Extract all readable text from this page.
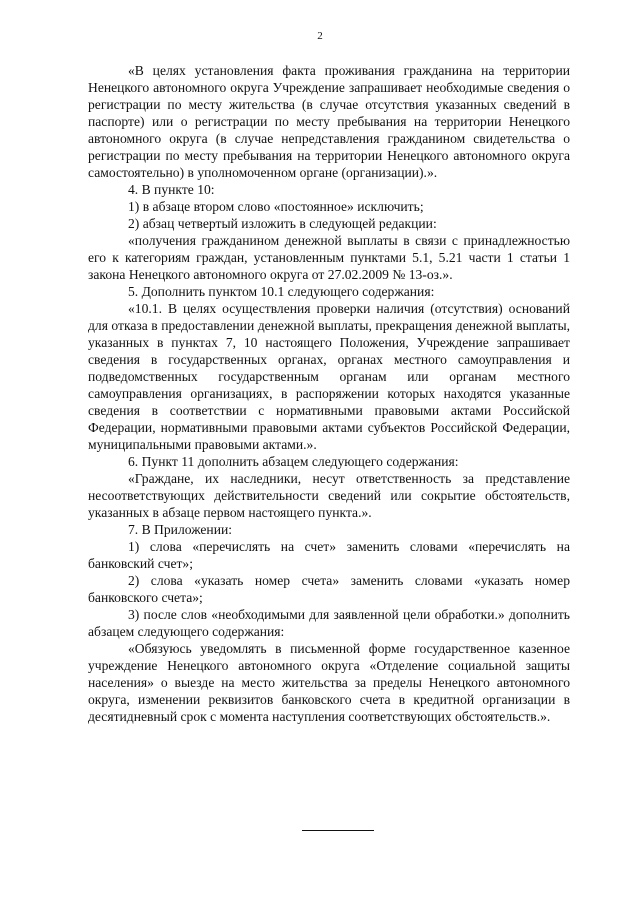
2

«В целях установления факта проживания гражданина на территории Ненецкого автономного округа Учреждение запрашивает необходимые сведения о регистрации по месту жительства (в случае отсутствия указанных сведений в паспорте) или о регистрации по месту пребывания на территории Ненецкого автономного округа (в случае непредставления гражданином свидетельства о регистрации по месту пребывания на территории Ненецкого автономного округа самостоятельно) в уполномоченном органе (организации).».

4. В пункте 10:

1) в абзаце втором слово «постоянное» исключить;

2) абзац четвертый изложить в следующей редакции:

«получения гражданином денежной выплаты в связи с принадлежностью его к категориям граждан, установленным пунктами 5.1, 5.21 части 1 статьи 1 закона Ненецкого автономного округа от 27.02.2009 № 13-оз.».

5. Дополнить пунктом 10.1 следующего содержания:

«10.1. В целях осуществления проверки наличия (отсутствия) оснований для отказа в предоставлении денежной выплаты, прекращения денежной выплаты, указанных в пунктах 7, 10 настоящего Положения, Учреждение запрашивает сведения в государственных органах, органах местного самоуправления и подведомственных государственным органам или органам местного самоуправления организациях, в распоряжении которых находятся указанные сведения в соответствии с нормативными правовыми актами Российской Федерации, нормативными правовыми актами субъектов Российской Федерации, муниципальными правовыми актами.».

6. Пункт 11 дополнить абзацем следующего содержания:

«Граждане, их наследники, несут ответственность за представление несоответствующих действительности сведений или сокрытие обстоятельств, указанных в абзаце первом настоящего пункта.».

7. В Приложении:

1) слова «перечислять на счет» заменить словами «перечислять на банковский счет»;

2) слова «указать номер счета» заменить словами «указать номер банковского счета»;

3) после слов «необходимыми для заявленной цели обработки.» дополнить абзацем следующего содержания:

«Обязуюсь уведомлять в письменной форме государственное казенное учреждение Ненецкого автономного округа «Отделение социальной защиты населения» о выезде на место жительства за пределы Ненецкого автономного округа, изменении реквизитов банковского счета в кредитной организации в десятидневный срок с момента наступления соответствующих обстоятельств.».
